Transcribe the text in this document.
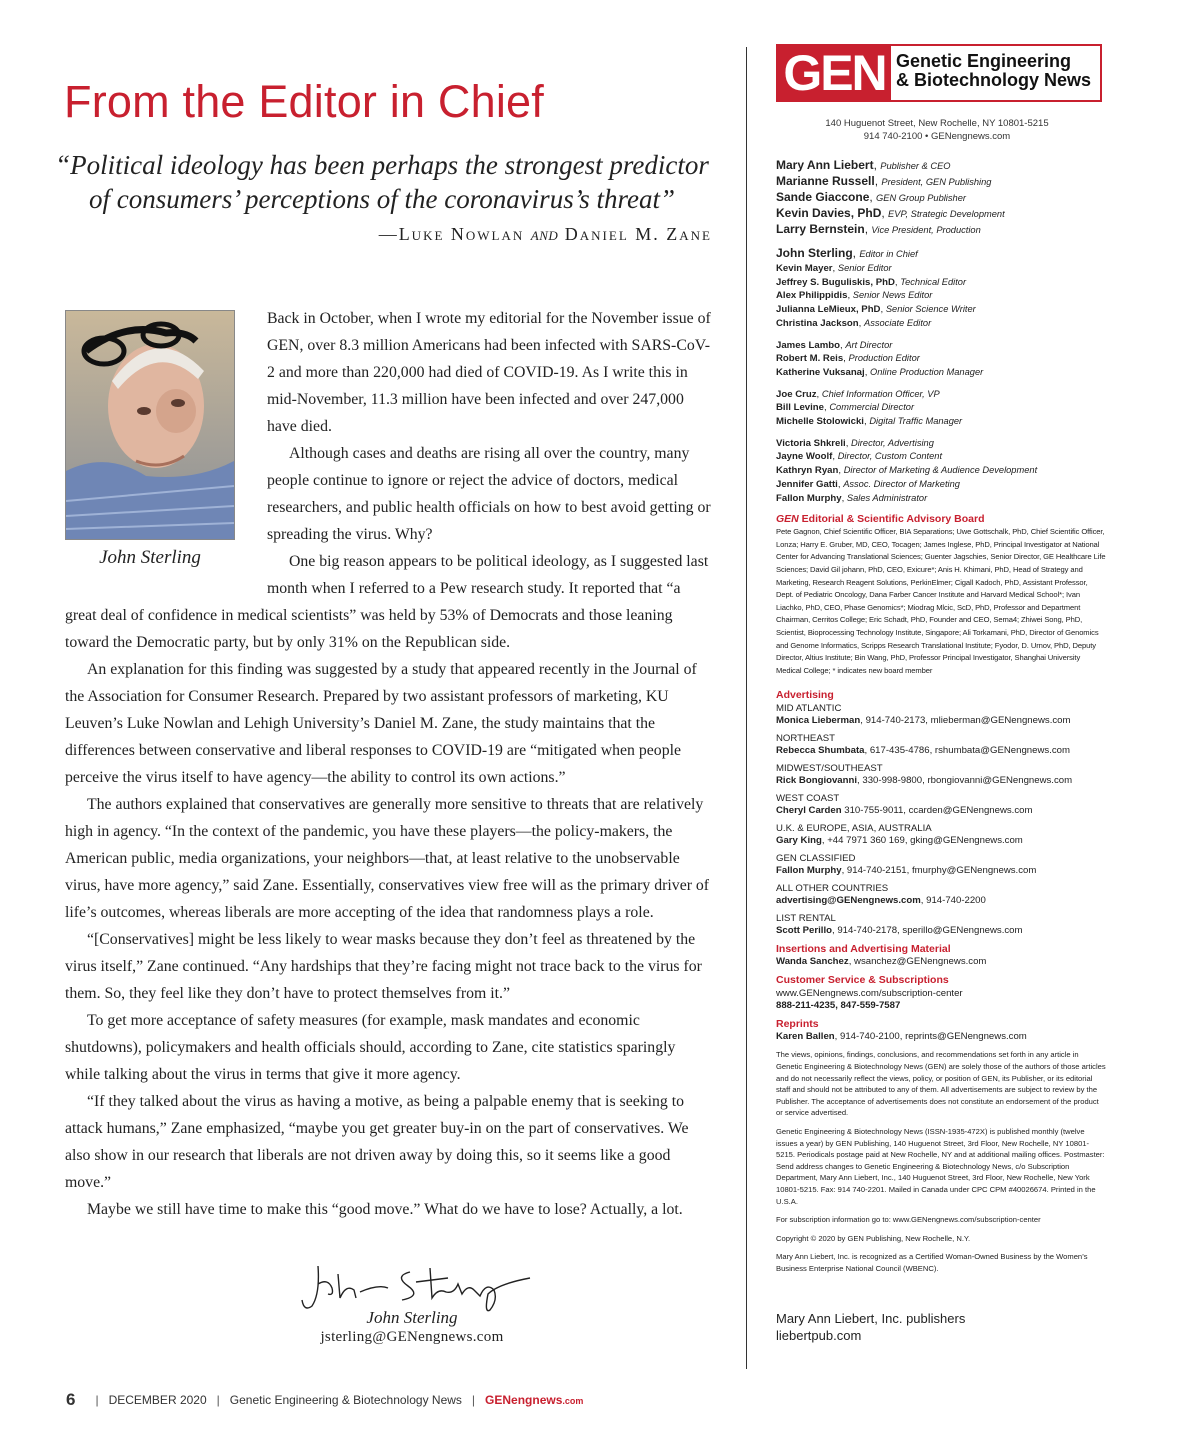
From the Editor in Chief
“Political ideology has been perhaps the strongest predictor of consumers’ perceptions of the coronavirus’s threat”
—Luke Nowlan and Daniel M. Zane
John Sterling

Back in October, when I wrote my editorial for the November issue of GEN, over 8.3 million Americans had been infected with SARS-CoV-2 and more than 220,000 had died of COVID-19. As I write this in mid-November, 11.3 million have been infected and over 247,000 have died.

Although cases and deaths are rising all over the country, many people continue to ignore or reject the advice of doctors, medical researchers, and public health officials on how to best avoid getting or spreading the virus. Why?

One big reason appears to be political ideology, as I suggested last month when I referred to a Pew research study. It reported that “a great deal of confidence in medical scientists” was held by 53% of Democrats and those leaning toward the Democratic party, but by only 31% on the Republican side.

An explanation for this finding was suggested by a study that appeared recently in the Journal of the Association for Consumer Research. Prepared by two assistant professors of marketing, KU Leuven’s Luke Nowlan and Lehigh University’s Daniel M. Zane, the study maintains that the differences between conservative and liberal responses to COVID-19 are “mitigated when people perceive the virus itself to have agency—the ability to control its own actions.”

The authors explained that conservatives are generally more sensitive to threats that are relatively high in agency. “In the context of the pandemic, you have these players—the policy-makers, the American public, media organizations, your neighbors—that, at least relative to the unobservable virus, have more agency,” said Zane. Essentially, conservatives view free will as the primary driver of life’s outcomes, whereas liberals are more accepting of the idea that randomness plays a role.

“[Conservatives] might be less likely to wear masks because they don’t feel as threatened by the virus itself,” Zane continued. “Any hardships that they’re facing might not trace back to the virus for them. So, they feel like they don’t have to protect themselves from it.”

To get more acceptance of safety measures (for example, mask mandates and economic shutdowns), policymakers and health officials should, according to Zane, cite statistics sparingly while talking about the virus in terms that give it more agency.

“If they talked about the virus as having a motive, as being a palpable enemy that is seeking to attack humans,” Zane emphasized, “maybe you get greater buy-in on the part of conservatives. We also show in our research that liberals are not driven away by doing this, so it seems like a good move.”

Maybe we still have time to make this “good move.” What do we have to lose? Actually, a lot.

John Sterling
jsterling@GENengnews.com
6 | DECEMBER 2020 | Genetic Engineering & Biotechnology News | GENengnews.com
GEN Genetic Engineering
& Biotechnology News
140 Huguenot Street, New Rochelle, NY 10801-5215
914 740-2100 • GENengnews.com
Mary Ann Liebert, Publisher & CEO
Marianne Russell, President, GEN Publishing
Sande Giaccone, GEN Group Publisher
Kevin Davies, PhD, EVP, Strategic Development
Larry Bernstein, Vice President, Production
John Sterling, Editor in Chief
Kevin Mayer, Senior Editor
Jeffrey S. Buguliskis, PhD, Technical Editor
Alex Philippidis, Senior News Editor
Julianna LeMieux, PhD, Senior Science Writer
Christina Jackson, Associate Editor
James Lambo, Art Director
Robert M. Reis, Production Editor
Katherine Vuksanaj, Online Production Manager
Joe Cruz, Chief Information Officer, VP
Bill Levine, Commercial Director
Michelle Stolowicki, Digital Traffic Manager
Victoria Shkreli, Director, Advertising
Jayne Woolf, Director, Custom Content
Kathryn Ryan, Director of Marketing & Audience Development
Jennifer Gatti, Assoc. Director of Marketing
Fallon Murphy, Sales Administrator
GEN Editorial & Scientific Advisory Board
Pete Gagnon, Chief Scientific Officer, BIA Separations; Uwe Gottschalk, PhD, Chief Scientific Officer, Lonza; Harry E. Gruber, MD, CEO, Tocagen; James Inglese, PhD, Principal Investigator at National Center for Advancing Translational Sciences; Guenter Jagschies, Senior Director, GE Healthcare Life Sciences; David Gil johann, PhD, CEO, Exicure*; Anis H. Khimani, PhD, Head of Strategy and Marketing, Research Reagent Solutions, PerkinElmer; Cigall Kadoch, PhD, Assistant Professor, Dept. of Pediatric Oncology, Dana Farber Cancer Institute and Harvard Medical School*; Ivan Liachko, PhD, CEO, Phase Genomics*; Miodrag Mlcic, ScD, PhD, Professor and Department Chairman, Cerritos College; Eric Schadt, PhD, Founder and CEO, Sema4; Zhiwei Song, PhD, Scientist, Bioprocessing Technology Institute, Singapore; Ali Torkamani, PhD, Director of Genomics and Genome Informatics, Scripps Research Translational Institute; Fyodor, D. Urnov, PhD, Deputy Director, Altius Institute; Bin Wang, PhD, Professor Principal Investigator, Shanghai University Medical College; * indicates new board member
Advertising
MID ATLANTIC
Monica Lieberman, 914-740-2173, mlieberman@GENengnews.com
NORTHEAST
Rebecca Shumbata, 617-435-4786, rshumbata@GENengnews.com
MIDWEST/SOUTHEAST
Rick Bongiovanni, 330-998-9800, rbongiovanni@GENengnews.com
WEST COAST
Cheryl Carden 310-755-9011, ccarden@GENengnews.com
U.K. & EUROPE, ASIA, AUSTRALIA
Gary King, +44 7971 360 169, gking@GENengnews.com
GEN CLASSIFIED
Fallon Murphy, 914-740-2151, fmurphy@GENengnews.com
ALL OTHER COUNTRIES
advertising@GENengnews.com, 914-740-2200
LIST RENTAL
Scott Perillo, 914-740-2178, sperillo@GENengnews.com
Insertions and Advertising Material
Wanda Sanchez, wsanchez@GENengnews.com
Customer Service & Subscriptions
www.GENengnews.com/subscription-center
888-211-4235, 847-559-7587
Reprints
Karen Ballen, 914-740-2100, reprints@GENengnews.com

The views, opinions, findings, conclusions, and recommendations set forth in any article in Genetic Engineering & Biotechnology News (GEN) are solely those of the authors of those articles and do not necessarily reflect the views, policy, or position of GEN, its Publisher, or its editorial staff and should not be attributed to any of them. All advertisements are subject to review by the Publisher. The acceptance of advertisements does not constitute an endorsement of the product or service advertised.

Genetic Engineering & Biotechnology News (ISSN-1935-472X) is published monthly (twelve issues a year) by GEN Publishing, 140 Huguenot Street, 3rd Floor, New Rochelle, NY 10801-5215. Periodicals postage paid at New Rochelle, NY and at additional mailing offices. Postmaster: Send address changes to Genetic Engineering & Biotechnology News, c/o Subscription Department, Mary Ann Liebert, Inc., 140 Huguenot Street, 3rd Floor, New Rochelle, New York 10801-5215. Fax: 914 740-2201. Mailed in Canada under CPC CPM #40026674. Printed in the U.S.A.

For subscription information go to: www.GENengnews.com/subscription-center

Copyright © 2020 by GEN Publishing, New Rochelle, N.Y.

Mary Ann Liebert, Inc. is recognized as a Certified Woman-Owned Business by the Women’s Business Enterprise National Council (WBENC).

Mary Ann Liebert, Inc. publishers
liebertpub.com
